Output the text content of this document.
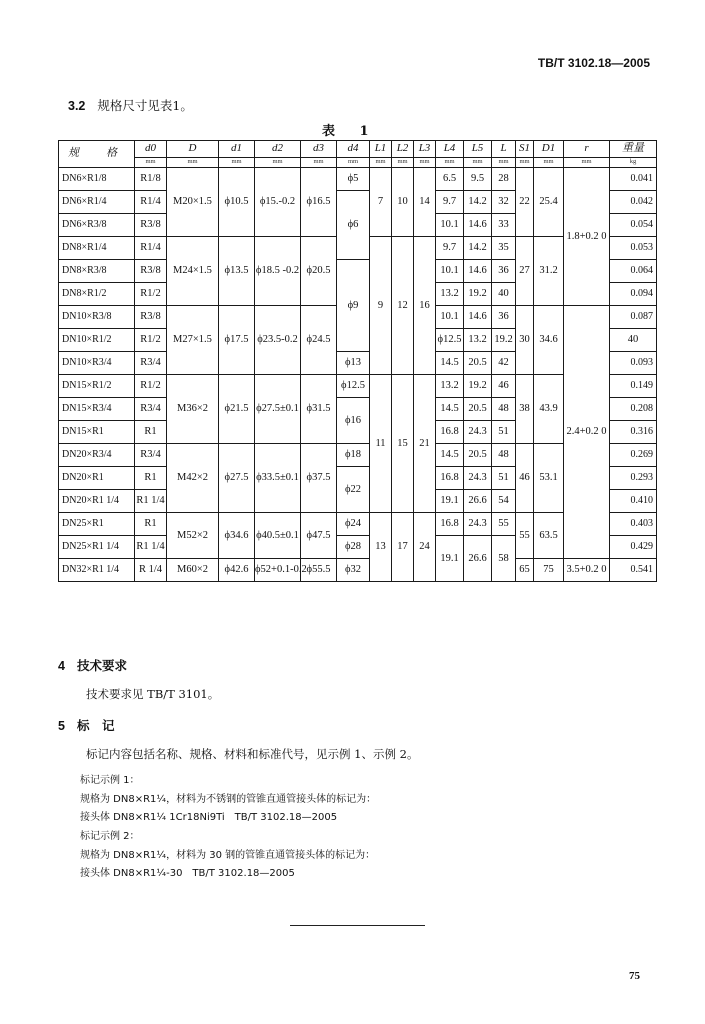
TB/T 3102.18—2005
3.2 规格尺寸见表1。
表 1
规　格	d0	D	d1	d2	d3	d4	L1	L2	L3	L4	L5	L	S1	D1	r	重量	
	mm	mm	mm	mm	mm	mm	mm	mm	mm	mm	mm	mm	mm	mm	mm	kg	
DN6×R1/8	R1/8	M20×1.5	ϕ10.5	ϕ15.-0.2	ϕ16.5	ϕ5	7	10	14	6.5	9.5	28	22	25.4	1.8+0.2 0	0.041	
DN6×R1/4	R1/4					ϕ6				9.7	14.2	32				0.042	
DN6×R3/8	R3/8									10.1	14.6	33				0.054	
DN8×R1/4	R1/4	M24×1.5	ϕ13.5	ϕ18.5 -0.2	ϕ20.5		9	12	16	9.7	14.2	35	27	31.2		0.053	
DN8×R3/8	R3/8					ϕ9				10.1	14.6	36				0.064	
DN8×R1/2	R1/2									13.2	19.2	40				0.094	
DN10×R3/8	R3/8	M27×1.5	ϕ17.5	ϕ23.5-0.2	ϕ24.5					10.1	14.6	36	30	34.6	2.4+0.2 0	0.087	
DN10×R1/2	R1/2									ϕ12.5	13.2	19.2				40	
DN10×R3/4	R3/4					ϕ13				14.5	20.5	42				0.093	
DN15×R1/2	R1/2	M36×2	ϕ21.5	ϕ27.5±0.1	ϕ31.5	ϕ12.5	11	15	21	13.2	19.2	46	38	43.9		0.149	
DN15×R3/4	R3/4					ϕ16				14.5	20.5	48				0.208	
DN15×R1	R1									16.8	24.3	51				0.316	
DN20×R3/4	R3/4	M42×2	ϕ27.5	ϕ33.5±0.1	ϕ37.5	ϕ18				14.5	20.5	48	46	53.1		0.269	
DN20×R1	R1					ϕ22				16.8	24.3	51				0.293	
DN20×R1 1/4	R1 1/4									19.1	26.6	54				0.410	
DN25×R1	R1	M52×2	ϕ34.6	ϕ40.5±0.1	ϕ47.5	ϕ24	13	17	24	16.8	24.3	55	55	63.5		0.403	
DN25×R1 1/4	R1 1/4					ϕ28				19.1	26.6	58				0.429	
DN32×R1 1/4	R 1/4	M60×2	ϕ42.6	ϕ52+0.1-0.2	ϕ55.5	ϕ32							65	75	3.5+0.2 0	0.541	
4 技术要求
技术要求见 TB/T 3101。
5 标　记
标记内容包括名称、规格、材料和标准代号，见示例 1、示例 2。
标记示例 1：
规格为 DN8×R1¼，材料为不锈钢的管锥直通管接头体的标记为：
接头体 DN8×R1¼ 1Cr18Ni9Ti　TB/T 3102.18—2005
标记示例 2：
规格为 DN8×R1¼，材料为 30 钢的管锥直通管接头体的标记为：
接头体 DN8×R1¼-30　TB/T 3102.18—2005
75
